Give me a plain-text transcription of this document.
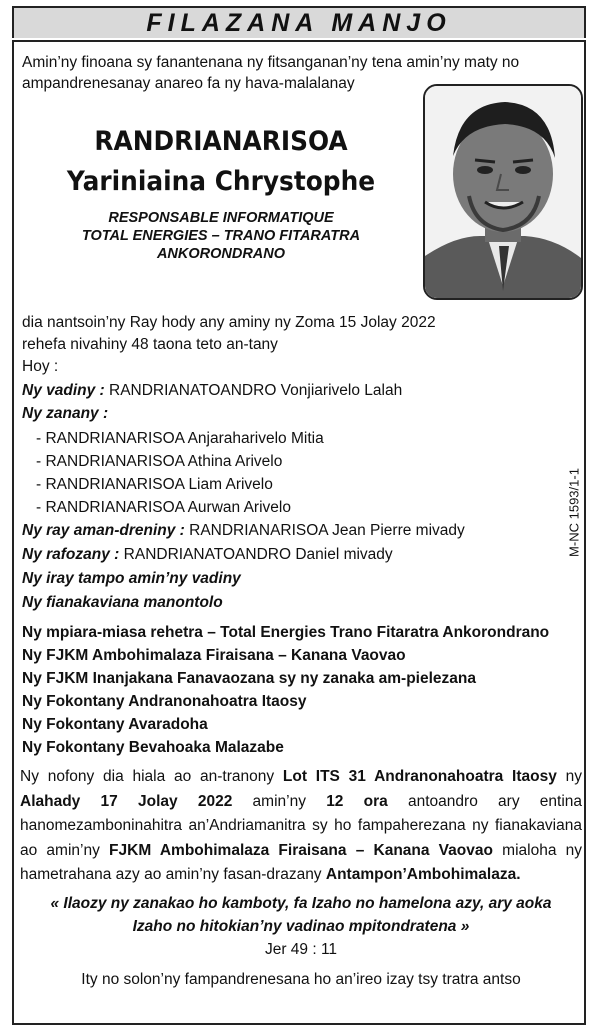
FILAZANA MANJO
Amin’ny finoana sy fanantenana ny fitsanganan’ny tena amin’ny maty no ampandrenesanay anareo fa ny hava-malalanay
RANDRIANARISOA
Yariniaina Chrystophe
RESPONSABLE INFORMATIQUE
TOTAL ENERGIES – TRANO FITARATRA
ANKORONDRANO
dia nantsoin’ny Ray hody any aminy ny Zoma 15 Jolay 2022
rehefa nivahiny 48 taona teto an-tany
Hoy :
Ny vadiny : RANDRIANATOANDRO Vonjiarivelo Lalah
Ny zanany :
- RANDRIANARISOA Anjaraharivelo Mitia
- RANDRIANARISOA Athina Arivelo
- RANDRIANARISOA Liam Arivelo
- RANDRIANARISOA Aurwan Arivelo
Ny ray aman-dreniny : RANDRIANARISOA Jean Pierre mivady
Ny rafozany : RANDRIANATOANDRO Daniel mivady
Ny iray tampo amin’ny vadiny
Ny fianakaviana manontolo
Ny mpiara-miasa rehetra – Total Energies Trano Fitaratra Ankorondrano
Ny FJKM Ambohimalaza Firaisana – Kanana Vaovao
Ny FJKM Inanjakana Fanavaozana sy ny zanaka am-pielezana
Ny Fokontany Andranonahoatra Itaosy
Ny Fokontany Avaradoha
Ny Fokontany Bevahoaka Malazabe
Ny nofony dia hiala ao an-tranony Lot ITS 31 Andranonahoatra Itaosy ny Alahady 17 Jolay 2022 amin’ny 12 ora antoandro ary entina hanomezamboninahitra an’Andriamanitra sy ho fampaherezana ny fianakaviana ao amin’ny FJKM Ambohimalaza Firaisana – Kanana Vaovao mialoha ny hametrahana azy ao amin’ny fasan-drazany Antampon’Ambohimalaza.
« Ilaozy ny zanakao ho kamboty, fa Izaho no hamelona azy, ary aoka
Izaho no hitokian’ny vadinao mpitondratena »
Jer 49 : 11
Ity no solon’ny fampandrenesana ho an’ireo izay tsy tratra antso
M-NC 1593/1-1
